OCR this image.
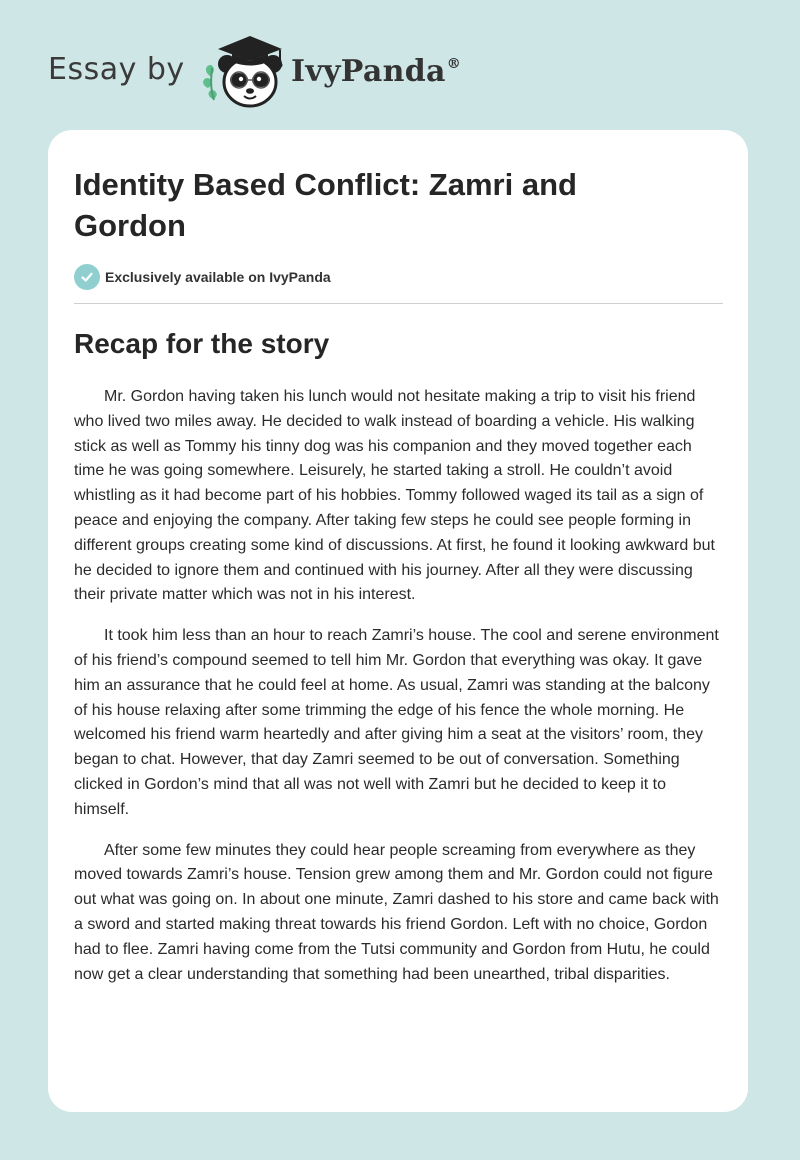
Essay by	IvyPanda®
Identity Based Conflict: Zamri and Gordon
Exclusively available on IvyPanda
Recap for the story

Mr. Gordon having taken his lunch would not hesitate making a trip to visit his friend who lived two miles away. He decided to walk instead of boarding a vehicle. His walking stick as well as Tommy his tinny dog was his companion and they moved together each time he was going somewhere. Leisurely, he started taking a stroll. He couldn’t avoid whistling as it had become part of his hobbies. Tommy followed waged its tail as a sign of peace and enjoying the company. After taking few steps he could see people forming in different groups creating some kind of discussions. At first, he found it looking awkward but he decided to ignore them and continued with his journey. After all they were discussing their private matter which was not in his interest.

It took him less than an hour to reach Zamri’s house. The cool and serene environment of his friend’s compound seemed to tell him Mr. Gordon that everything was okay. It gave him an assurance that he could feel at home. As usual, Zamri was standing at the balcony of his house relaxing after some trimming the edge of his fence the whole morning. He welcomed his friend warm heartedly and after giving him a seat at the visitors’ room, they began to chat. However, that day Zamri seemed to be out of conversation. Something clicked in Gordon’s mind that all was not well with Zamri but he decided to keep it to himself.

After some few minutes they could hear people screaming from everywhere as they moved towards Zamri’s house. Tension grew among them and Mr. Gordon could not figure out what was going on. In about one minute, Zamri dashed to his store and came back with a sword and started making threat towards his friend Gordon. Left with no choice, Gordon had to flee. Zamri having come from the Tutsi community and Gordon from Hutu, he could now get a clear understanding that something had been unearthed, tribal disparities.
